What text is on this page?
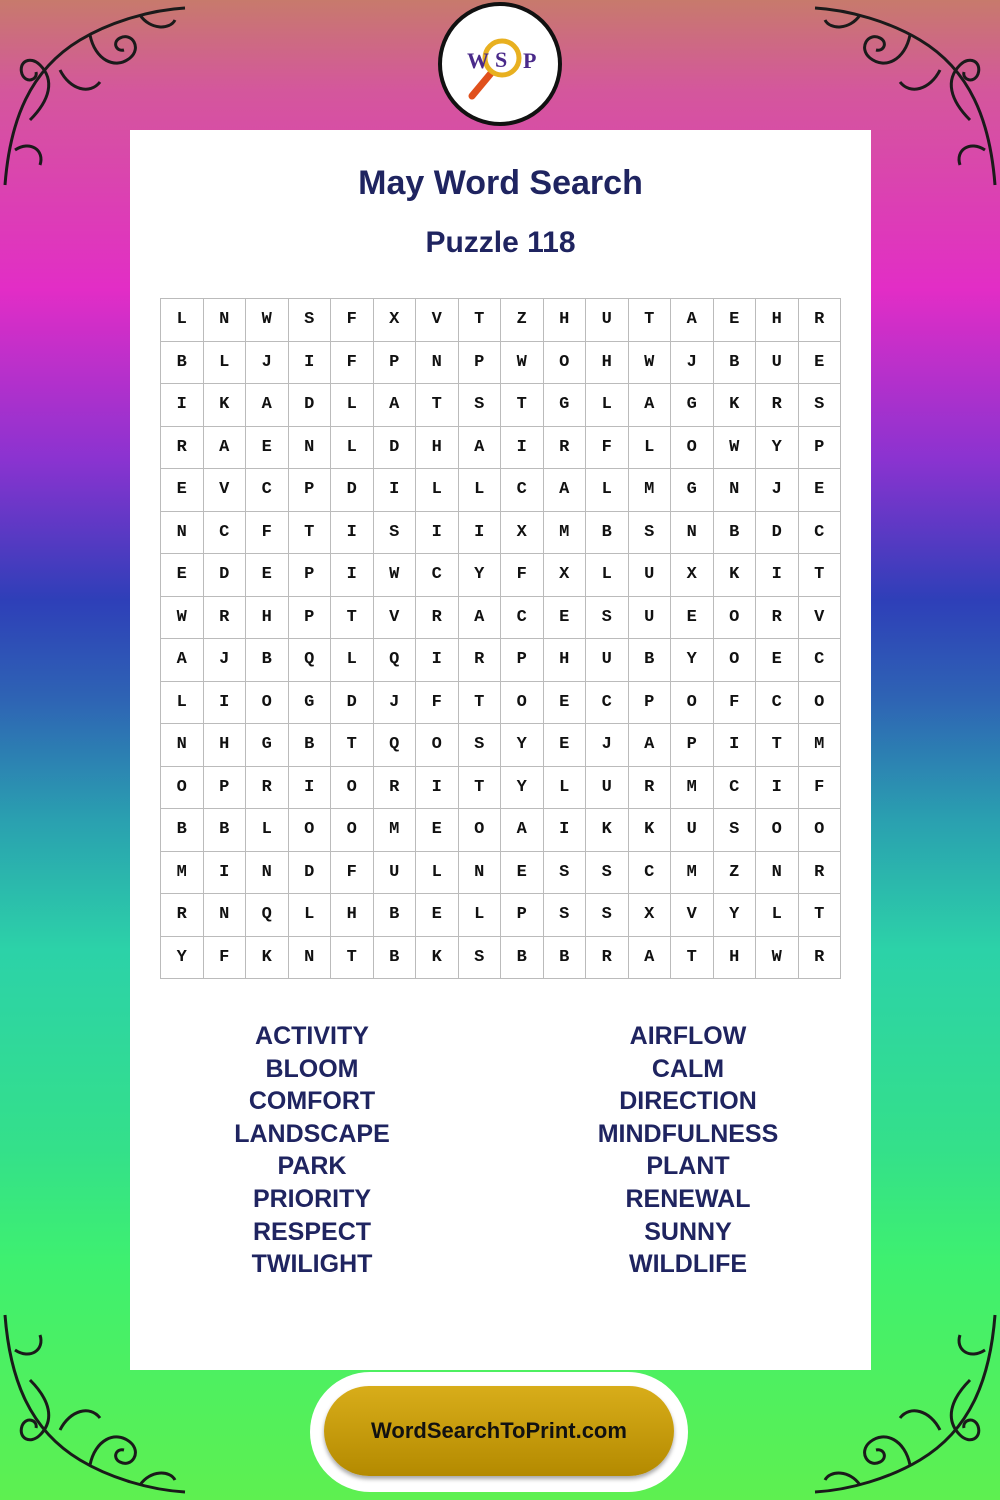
W S P
May Word Search
Puzzle 118
L	N	W	S	F	X	V	T	Z	H	U	T	A	E	H	R
B	L	J	I	F	P	N	P	W	O	H	W	J	B	U	E
I	K	A	D	L	A	T	S	T	G	L	A	G	K	R	S
R	A	E	N	L	D	H	A	I	R	F	L	O	W	Y	P
E	V	C	P	D	I	L	L	C	A	L	M	G	N	J	E
N	C	F	T	I	S	I	I	X	M	B	S	N	B	D	C
E	D	E	P	I	W	C	Y	F	X	L	U	X	K	I	T
W	R	H	P	T	V	R	A	C	E	S	U	E	O	R	V
A	J	B	Q	L	Q	I	R	P	H	U	B	Y	O	E	C
L	I	O	G	D	J	F	T	O	E	C	P	O	F	C	O
N	H	G	B	T	Q	O	S	Y	E	J	A	P	I	T	M
O	P	R	I	O	R	I	T	Y	L	U	R	M	C	I	F
B	B	L	O	O	M	E	O	A	I	K	K	U	S	O	O
M	I	N	D	F	U	L	N	E	S	S	C	M	Z	N	R
R	N	Q	L	H	B	E	L	P	S	S	X	V	Y	L	T
Y	F	K	N	T	B	K	S	B	B	R	A	T	H	W	R
ACTIVITY
BLOOM
COMFORT
LANDSCAPE
PARK
PRIORITY
RESPECT
TWILIGHT
AIRFLOW
CALM
DIRECTION
MINDFULNESS
PLANT
RENEWAL
SUNNY
WILDLIFE
WordSearchToPrint.com
